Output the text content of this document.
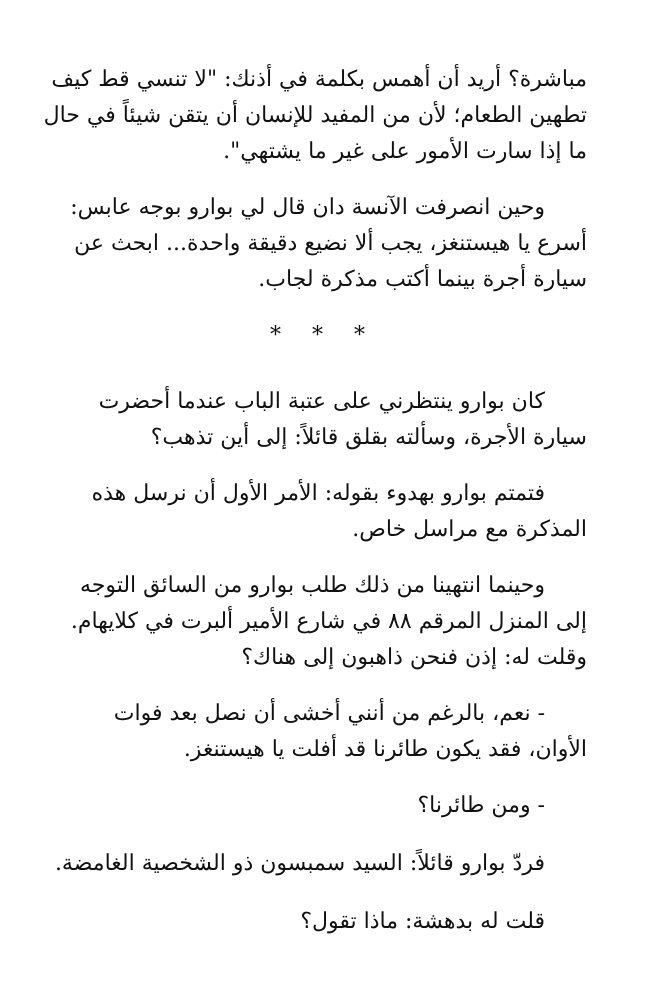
مباشرة؟ أريد أن أهمس بكلمة في أذنك: "لا تنسي قط كيف
تطهين الطعام؛ لأن من المفيد للإنسان أن يتقن شيئاً في حال
ما إذا سارت الأمور على غير ما يشتهي".

وحين انصرفت الآنسة دان قال لي بوارو بوجه عابس:
أسرع يا هيستنغز، يجب ألا نضيع دقيقة واحدة... ابحث عن
سيارة أجرة بينما أكتب مذكرة لجاب.

* * *

كان بوارو ينتظرني على عتبة الباب عندما أحضرت
سيارة الأجرة، وسألته بقلق قائلاً: إلى أين تذهب؟

فتمتم بوارو بهدوء بقوله: الأمر الأول أن نرسل هذه
المذكرة مع مراسل خاص.

وحينما انتهينا من ذلك طلب بوارو من السائق التوجه
إلى المنزل المرقم ٨٨ في شارع الأمير ألبرت في كلايهام.
وقلت له: إذن فنحن ذاهبون إلى هناك؟

- نعم، بالرغم من أنني أخشى أن نصل بعد فوات
الأوان، فقد يكون طائرنا قد أفلت يا هيستنغز.

- ومن طائرنا؟

فردّ بوارو قائلاً: السيد سمبسون ذو الشخصية الغامضة.

قلت له بدهشة: ماذا تقول؟
